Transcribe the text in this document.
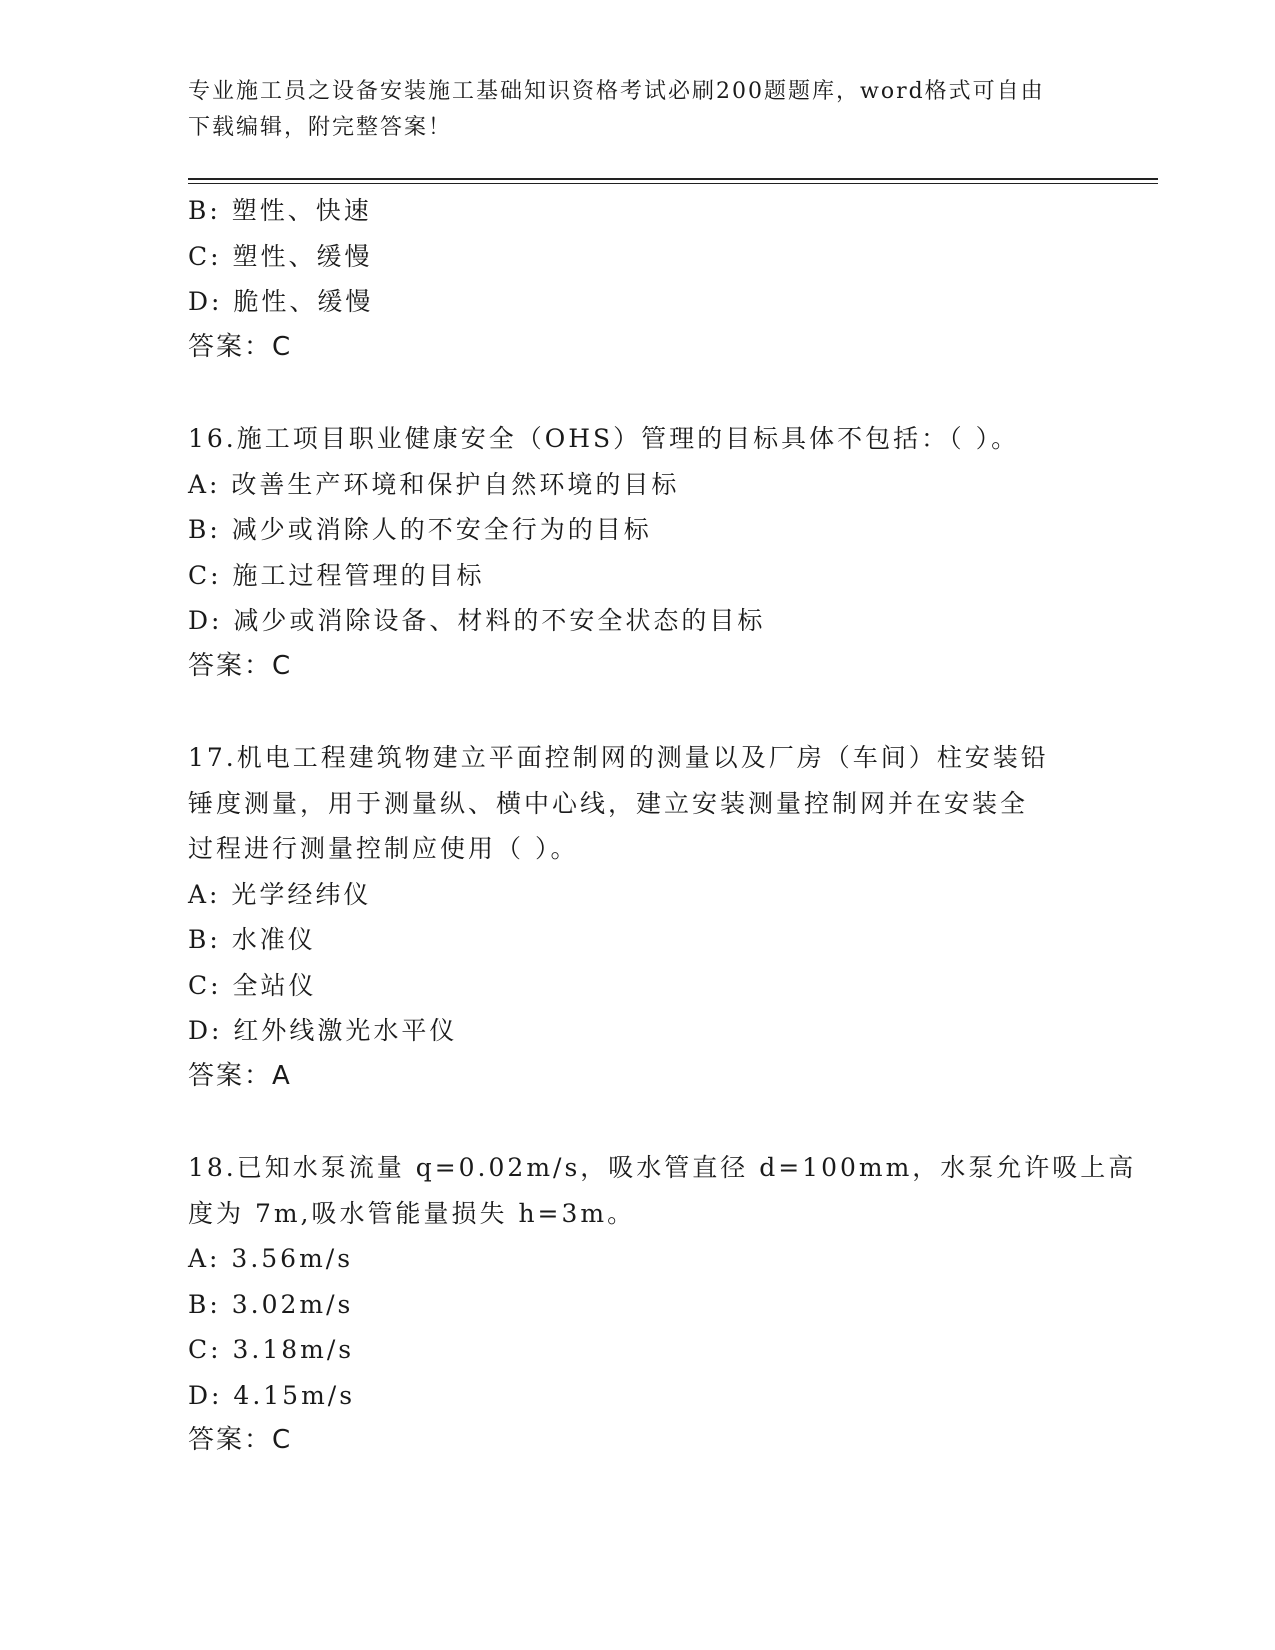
专业施工员之设备安装施工基础知识资格考试必刷200题题库，word格式可自由
下载编辑，附完整答案！
B: 塑性、快速
C: 塑性、缓慢
D: 脆性、缓慢
答案：C
16.施工项目职业健康安全（OHS）管理的目标具体不包括：（ ）。
A: 改善生产环境和保护自然环境的目标
B: 减少或消除人的不安全行为的目标
C: 施工过程管理的目标
D: 减少或消除设备、材料的不安全状态的目标
答案：C
17.机电工程建筑物建立平面控制网的测量以及厂房（车间）柱安装铅
锤度测量，用于测量纵、横中心线，建立安装测量控制网并在安装全
过程进行测量控制应使用（ ）。
A: 光学经纬仪
B: 水准仪
C: 全站仪
D: 红外线激光水平仪
答案：A
18.已知水泵流量 q=0.02m/s，吸水管直径 d=100mm，水泵允许吸上高
度为 7m,吸水管能量损失 h=3m。
A: 3.56m/s
B: 3.02m/s
C: 3.18m/s
D: 4.15m/s
答案：C
